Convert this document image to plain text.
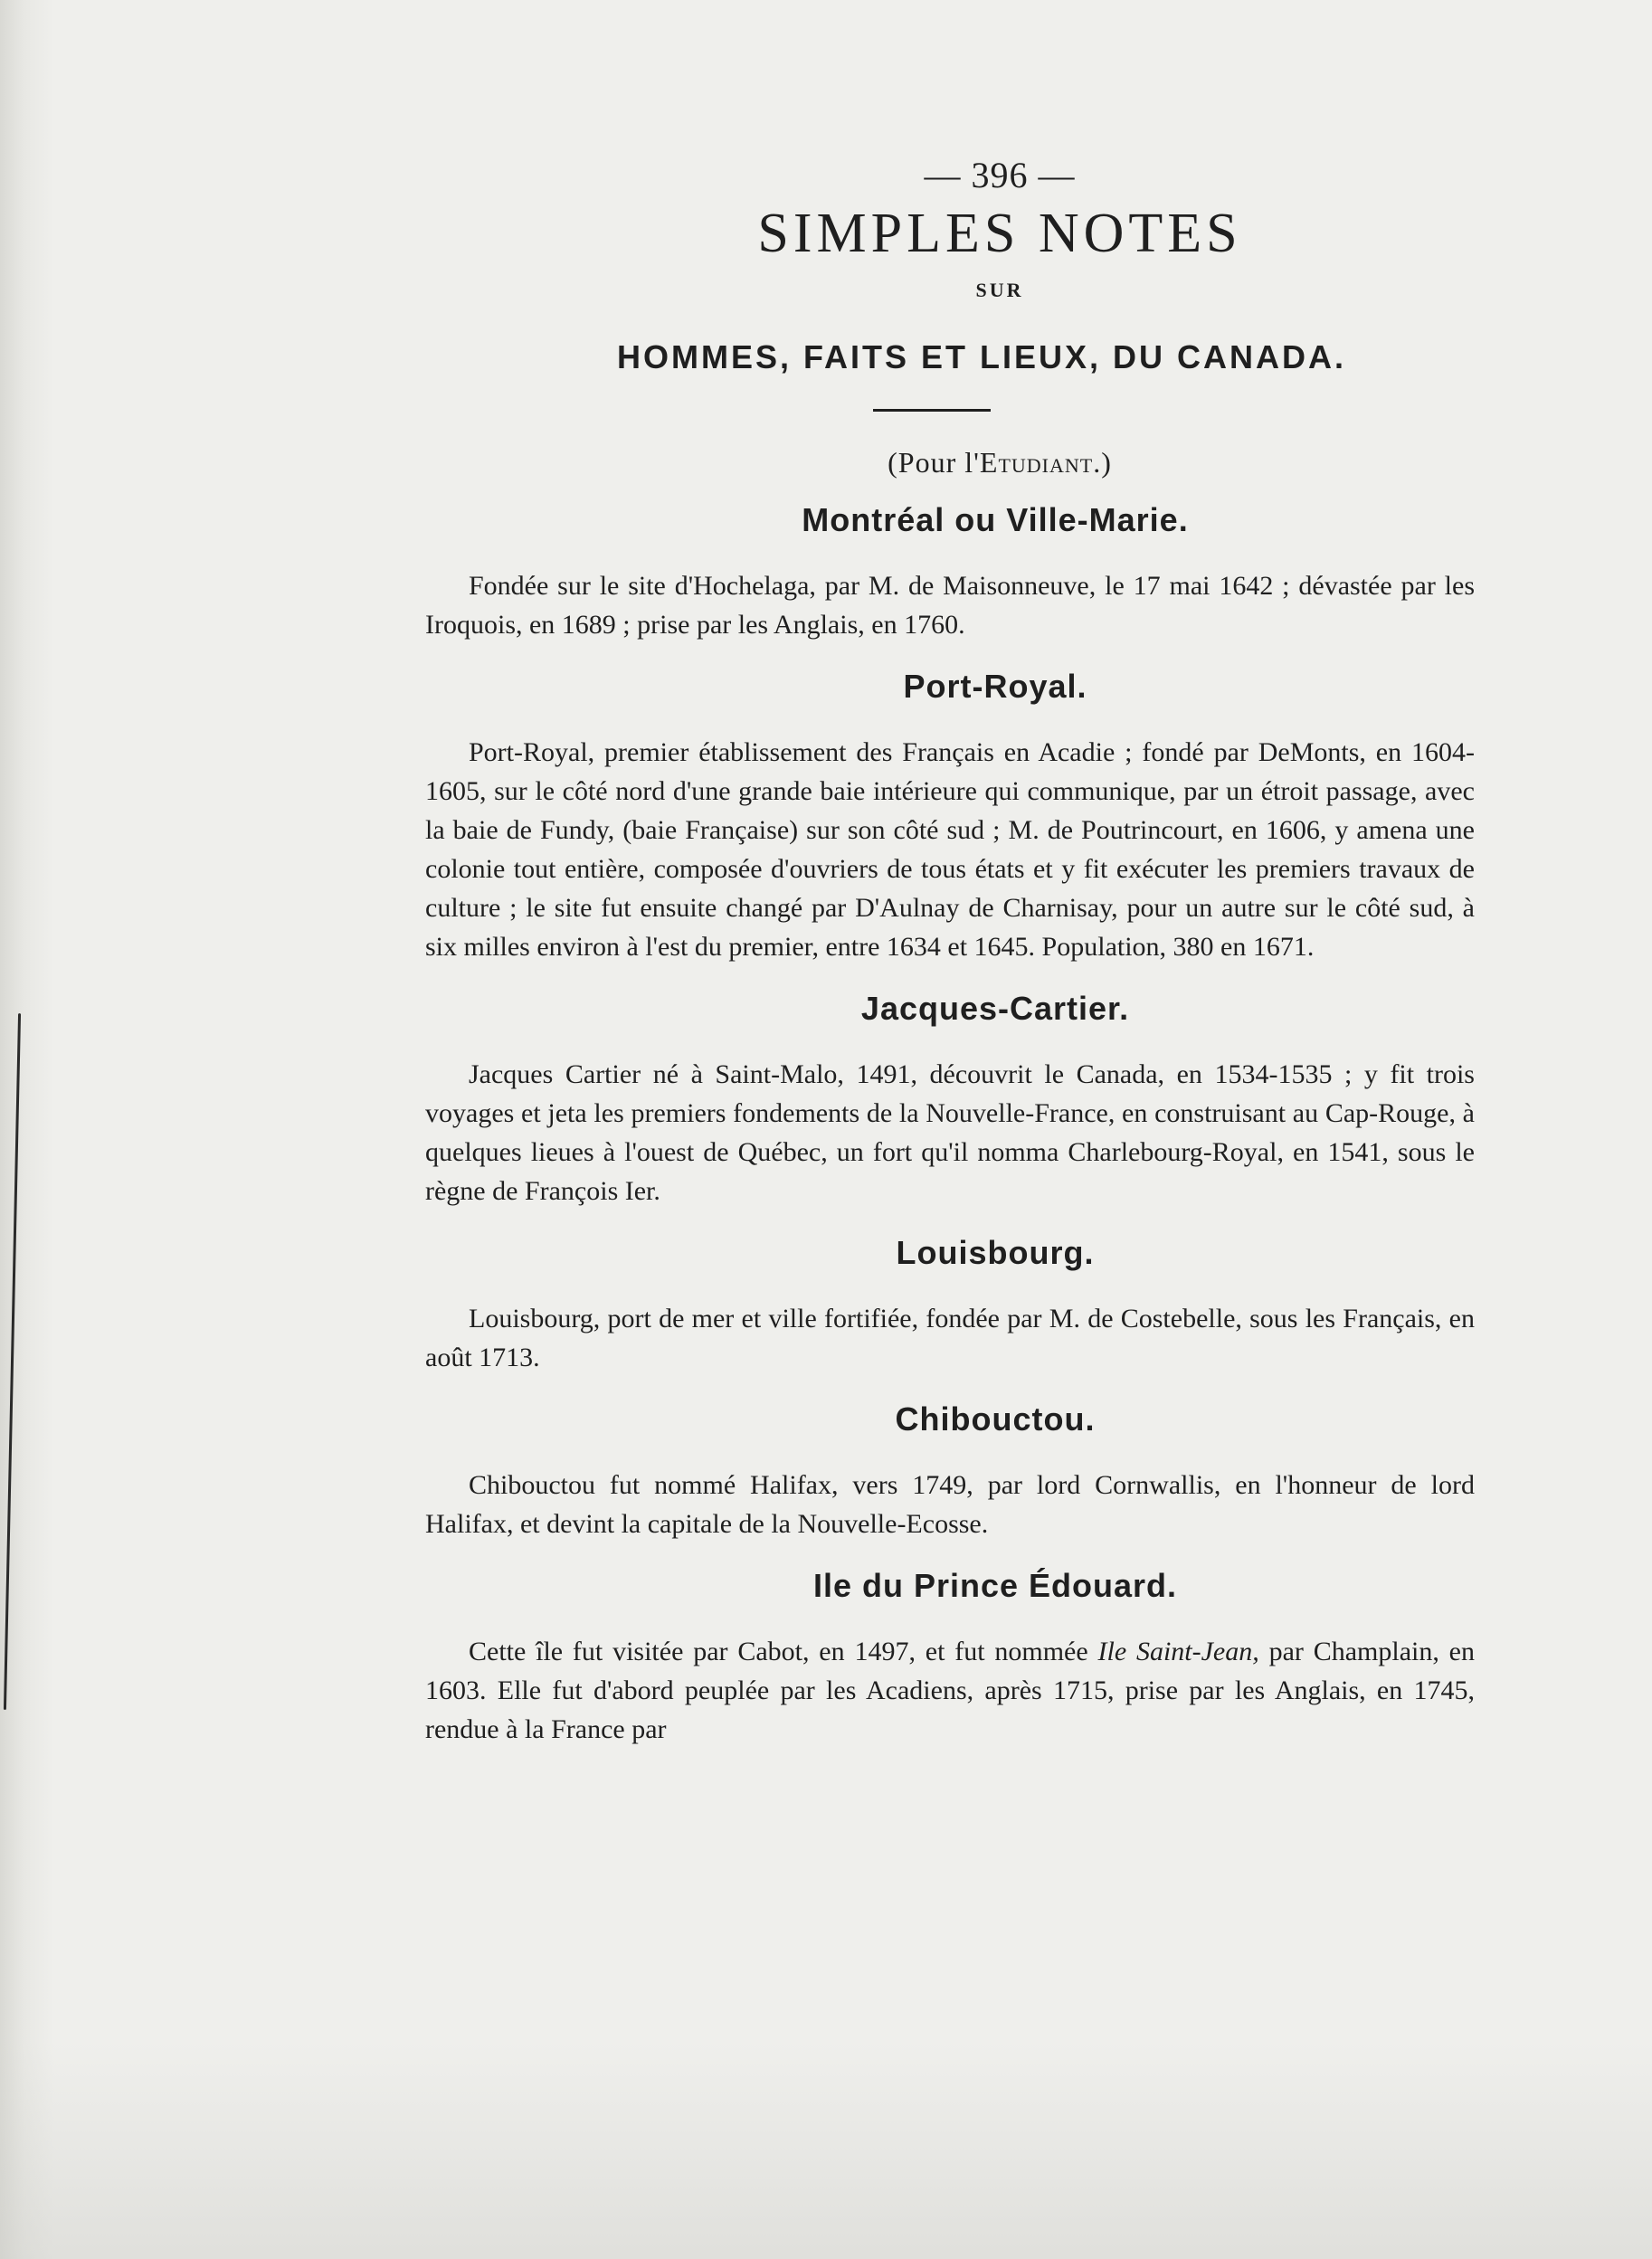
— 396 —
SIMPLES NOTES
SUR
HOMMES, FAITS ET LIEUX, DU CANADA.
(Pour l'Etudiant.)
Montréal ou Ville-Marie.
Fondée sur le site d'Hochelaga, par M. de Maisonneuve, le 17 mai 1642 ; dévastée par les Iroquois, en 1689 ; prise par les Anglais, en 1760.
Port-Royal.
Port-Royal, premier établissement des Français en Acadie ; fondé par DeMonts, en 1604-1605, sur le côté nord d'une grande baie intérieure qui communique, par un étroit passage, avec la baie de Fundy, (baie Française) sur son côté sud ; M. de Poutrincourt, en 1606, y amena une colonie tout entière, composée d'ouvriers de tous états et y fit exécuter les premiers travaux de culture ; le site fut ensuite changé par D'Aulnay de Charnisay, pour un autre sur le côté sud, à six milles environ à l'est du premier, entre 1634 et 1645. Population, 380 en 1671.
Jacques-Cartier.
Jacques Cartier né à Saint-Malo, 1491, découvrit le Canada, en 1534-1535 ; y fit trois voyages et jeta les premiers fondements de la Nouvelle-France, en construisant au Cap-Rouge, à quelques lieues à l'ouest de Québec, un fort qu'il nomma Charlebourg-Royal, en 1541, sous le règne de François Ier.
Louisbourg.
Louisbourg, port de mer et ville fortifiée, fondée par M. de Costebelle, sous les Français, en août 1713.
Chibouctou.
Chibouctou fut nommé Halifax, vers 1749, par lord Cornwallis, en l'honneur de lord Halifax, et devint la capitale de la Nouvelle-Ecosse.
Ile du Prince Édouard.
Cette île fut visitée par Cabot, en 1497, et fut nommée Ile Saint-Jean, par Champlain, en 1603. Elle fut d'abord peuplée par les Acadiens, après 1715, prise par les Anglais, en 1745, rendue à la France par
